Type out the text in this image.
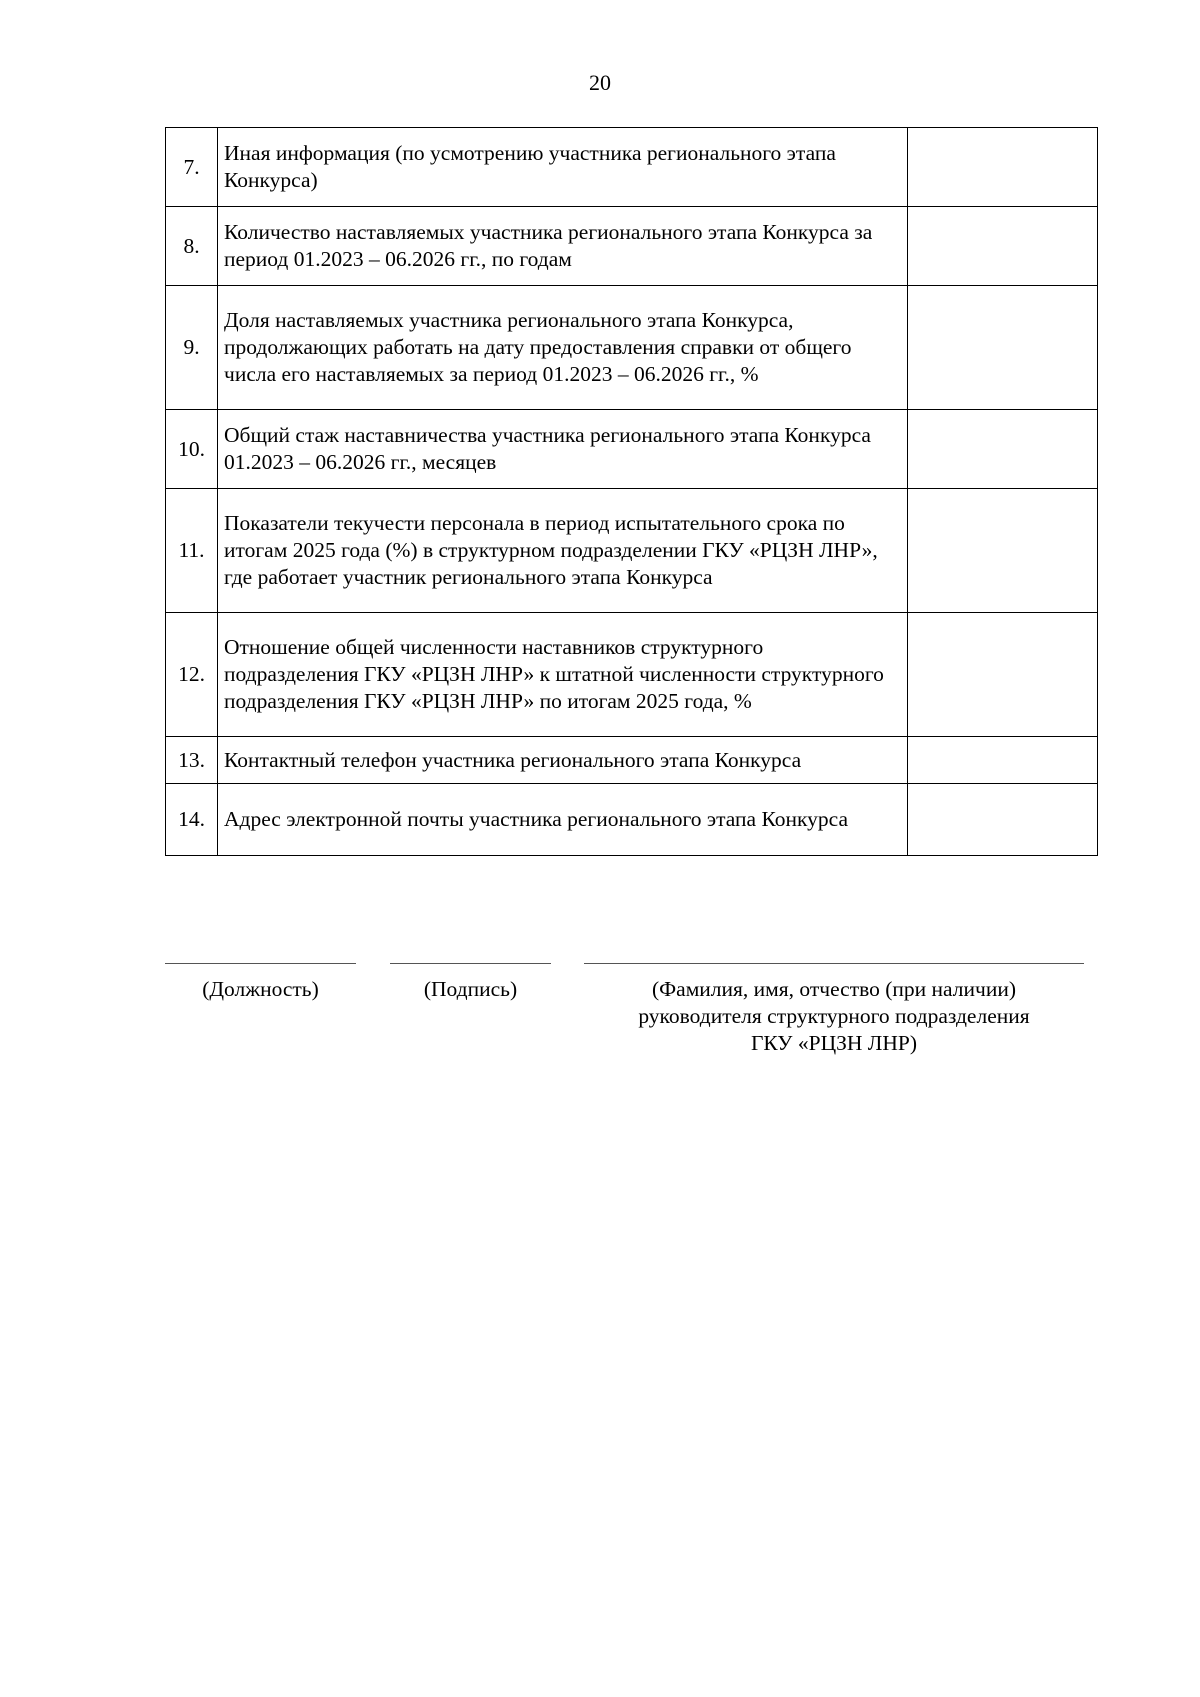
20
7.	Иная информация (по усмотрению участника регионального этапа Конкурса)	
8.	Количество наставляемых участника регионального этапа Конкурса за период 01.2023 – 06.2026 гг., по годам	
9.	Доля наставляемых участника регионального этапа Конкурса, продолжающих работать на дату предоставления справки от общего числа его наставляемых за период 01.2023 – 06.2026 гг., %	
10.	Общий стаж наставничества участника регионального этапа Конкурса 01.2023 – 06.2026 гг., месяцев	
11.	Показатели текучести персонала в период испытательного срока по итогам 2025 года (%) в структурном подразделении ГКУ «РЦЗН ЛНР», где работает участник регионального этапа Конкурса	
12.	Отношение общей численности наставников структурного подразделения ГКУ «РЦЗН ЛНР» к штатной численности структурного подразделения ГКУ «РЦЗН ЛНР» по итогам 2025 года, %	
13.	Контактный телефон участника регионального этапа Конкурса	
14.	Адрес электронной почты участника регионального этапа Конкурса	
(Должность)	(Подпись)	(Фамилия, имя, отчество (при наличии)
руководителя структурного подразделения
ГКУ «РЦЗН ЛНР)
